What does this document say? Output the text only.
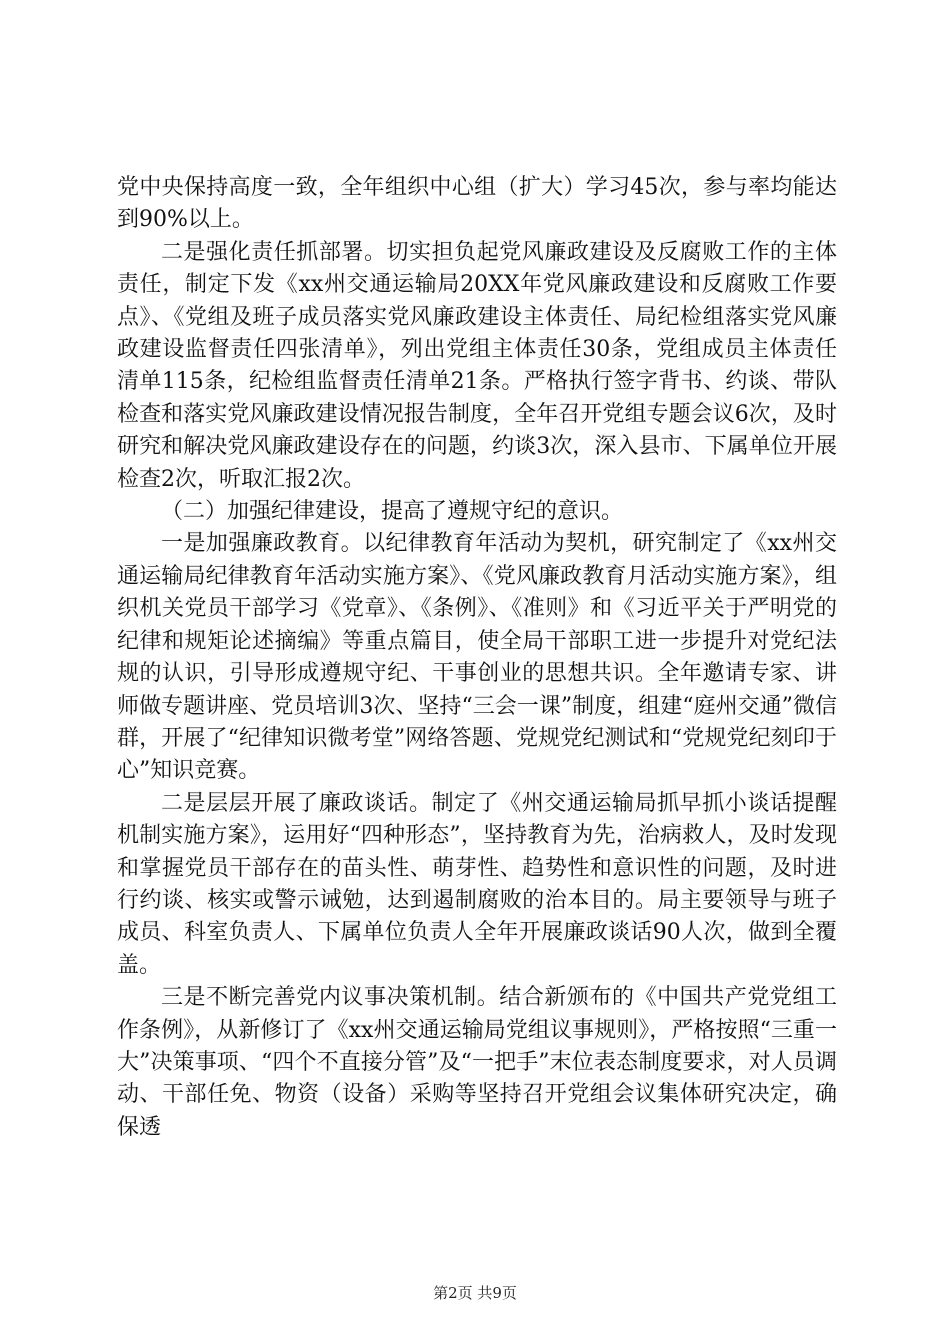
党中央保持高度一致，全年组织中心组（扩大）学习45次，参与率均能达到90%以上。

二是强化责任抓部署。切实担负起党风廉政建设及反腐败工作的主体责任，制定下发《xx州交通运输局20XX年党风廉政建设和反腐败工作要点》、《党组及班子成员落实党风廉政建设主体责任、局纪检组落实党风廉政建设监督责任四张清单》，列出党组主体责任30条，党组成员主体责任清单115条，纪检组监督责任清单21条。严格执行签字背书、约谈、带队检查和落实党风廉政建设情况报告制度，全年召开党组专题会议6次，及时研究和解决党风廉政建设存在的问题，约谈3次，深入县市、下属单位开展检查2次，听取汇报2次。

（二）加强纪律建设，提高了遵规守纪的意识。

一是加强廉政教育。以纪律教育年活动为契机，研究制定了《xx州交通运输局纪律教育年活动实施方案》、《党风廉政教育月活动实施方案》，组织机关党员干部学习《党章》、《条例》、《准则》和《习近平关于严明党的纪律和规矩论述摘编》等重点篇目，使全局干部职工进一步提升对党纪法规的认识，引导形成遵规守纪、干事创业的思想共识。全年邀请专家、讲师做专题讲座、党员培训3次、坚持“三会一课”制度，组建“庭州交通”微信群，开展了“纪律知识微考堂”网络答题、党规党纪测试和“党规党纪刻印于心”知识竞赛。

二是层层开展了廉政谈话。制定了《州交通运输局抓早抓小谈话提醒机制实施方案》，运用好“四种形态”，坚持教育为先，治病救人，及时发现和掌握党员干部存在的苗头性、萌芽性、趋势性和意识性的问题，及时进行约谈、核实或警示诫勉，达到遏制腐败的治本目的。局主要领导与班子成员、科室负责人、下属单位负责人全年开展廉政谈话90人次，做到全覆盖。

三是不断完善党内议事决策机制。结合新颁布的《中国共产党党组工作条例》，从新修订了《xx州交通运输局党组议事规则》，严格按照“三重一大”决策事项、“四个不直接分管”及“一把手”末位表态制度要求，对人员调动、干部任免、物资（设备）采购等坚持召开党组会议集体研究决定，确保透

第2页 共9页
